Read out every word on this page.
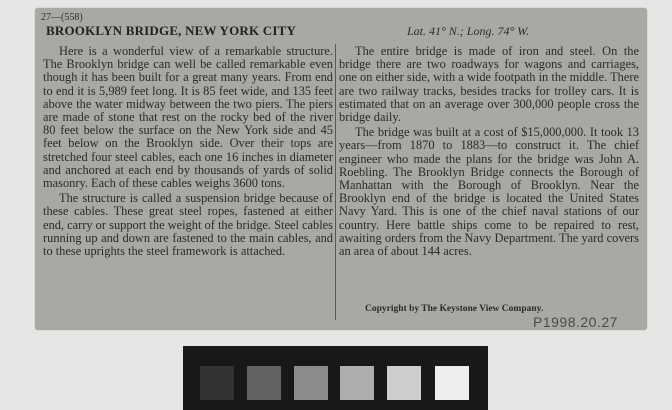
27—(558)
BROOKLYN BRIDGE, NEW YORK CITY	Lat. 41° N.; Long. 74° W.

Here is a wonderful view of a remarkable structure. The Brooklyn bridge can well be called remarkable even though it has been built for a great many years. From end to end it is 5,989 feet long. It is 85 feet wide, and 135 feet above the water midway between the two piers. The piers are made of stone that rest on the rocky bed of the river 80 feet below the surface on the New York side and 45 feet below on the Brooklyn side. Over their tops are stretched four steel cables, each one 16 inches in diameter and anchored at each end by thousands of yards of solid masonry. Each of these cables weighs 3600 tons.

The structure is called a suspension bridge because of these cables. These great steel ropes, fastened at either end, carry or support the weight of the bridge. Steel cables running up and down are fastened to the main cables, and to these uprights the steel framework is attached.

The entire bridge is made of iron and steel. On the bridge there are two roadways for wagons and carriages, one on either side, with a wide footpath in the middle. There are two railway tracks, besides tracks for trolley cars. It is estimated that on an average over 300,000 people cross the bridge daily.

The bridge was built at a cost of $15,000,000. It took 13 years—from 1870 to 1883—to construct it. The chief engineer who made the plans for the bridge was John A. Roebling. The Brooklyn Bridge connects the Borough of Manhattan with the Borough of Brooklyn. Near the Brooklyn end of the bridge is located the United States Navy Yard. This is one of the chief naval stations of our country. Here battle ships come to be repaired to rest, awaiting orders from the Navy Department. The yard covers an area of about 144 acres.

Copyright by The Keystone View Company.
P1998.20.27
